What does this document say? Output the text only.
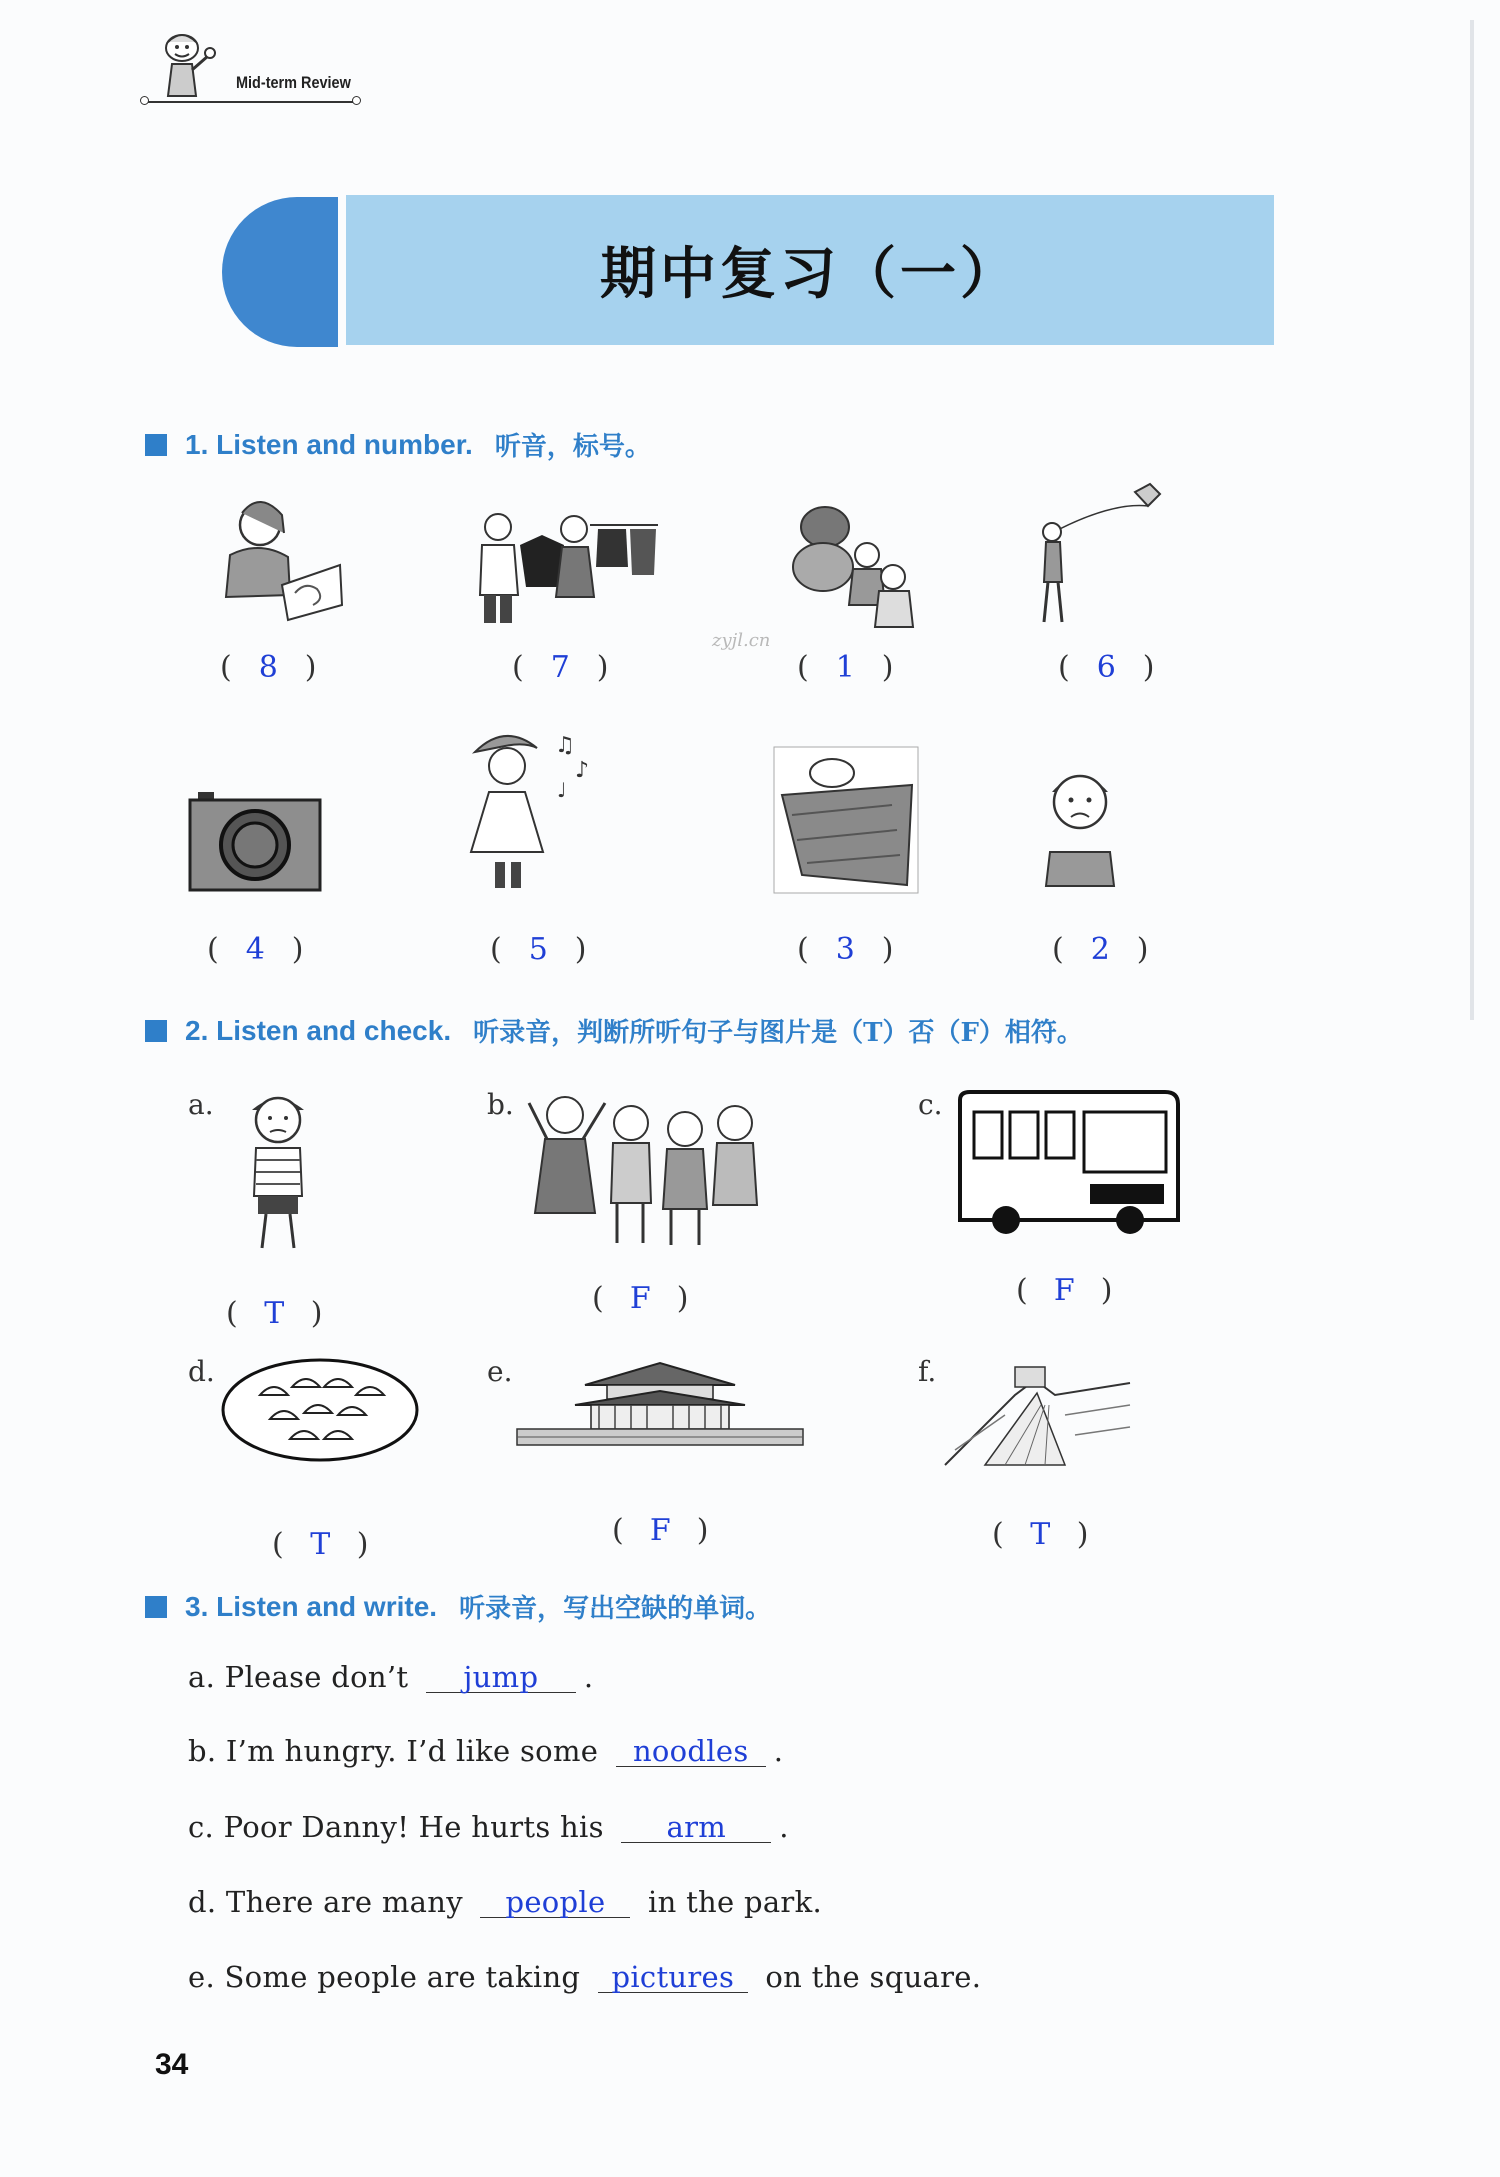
Mid-term Review
期中复习（一）
1. Listen and number. 听音，标号。
( 8 )	( 7 )	( 1 )	( 6 )
zyjl.cn
♫
♪
♩
( 4 )	( 5 )	( 3 )	( 2 )
2. Listen and check. 听录音，判断所听句子与图片是（T）否（F）相符。
a.	b.	c.
( T )	( F )	( F )
d.	e.	f.
( T )	( F )	( T )
3. Listen and write. 听录音，写出空缺的单词。
a. Please don’t jump .
b. I’m hungry. I’d like some noodles .
c. Poor Danny! He hurts his arm .
d. There are many people in the park.
e. Some people are taking pictures on the square.
34
